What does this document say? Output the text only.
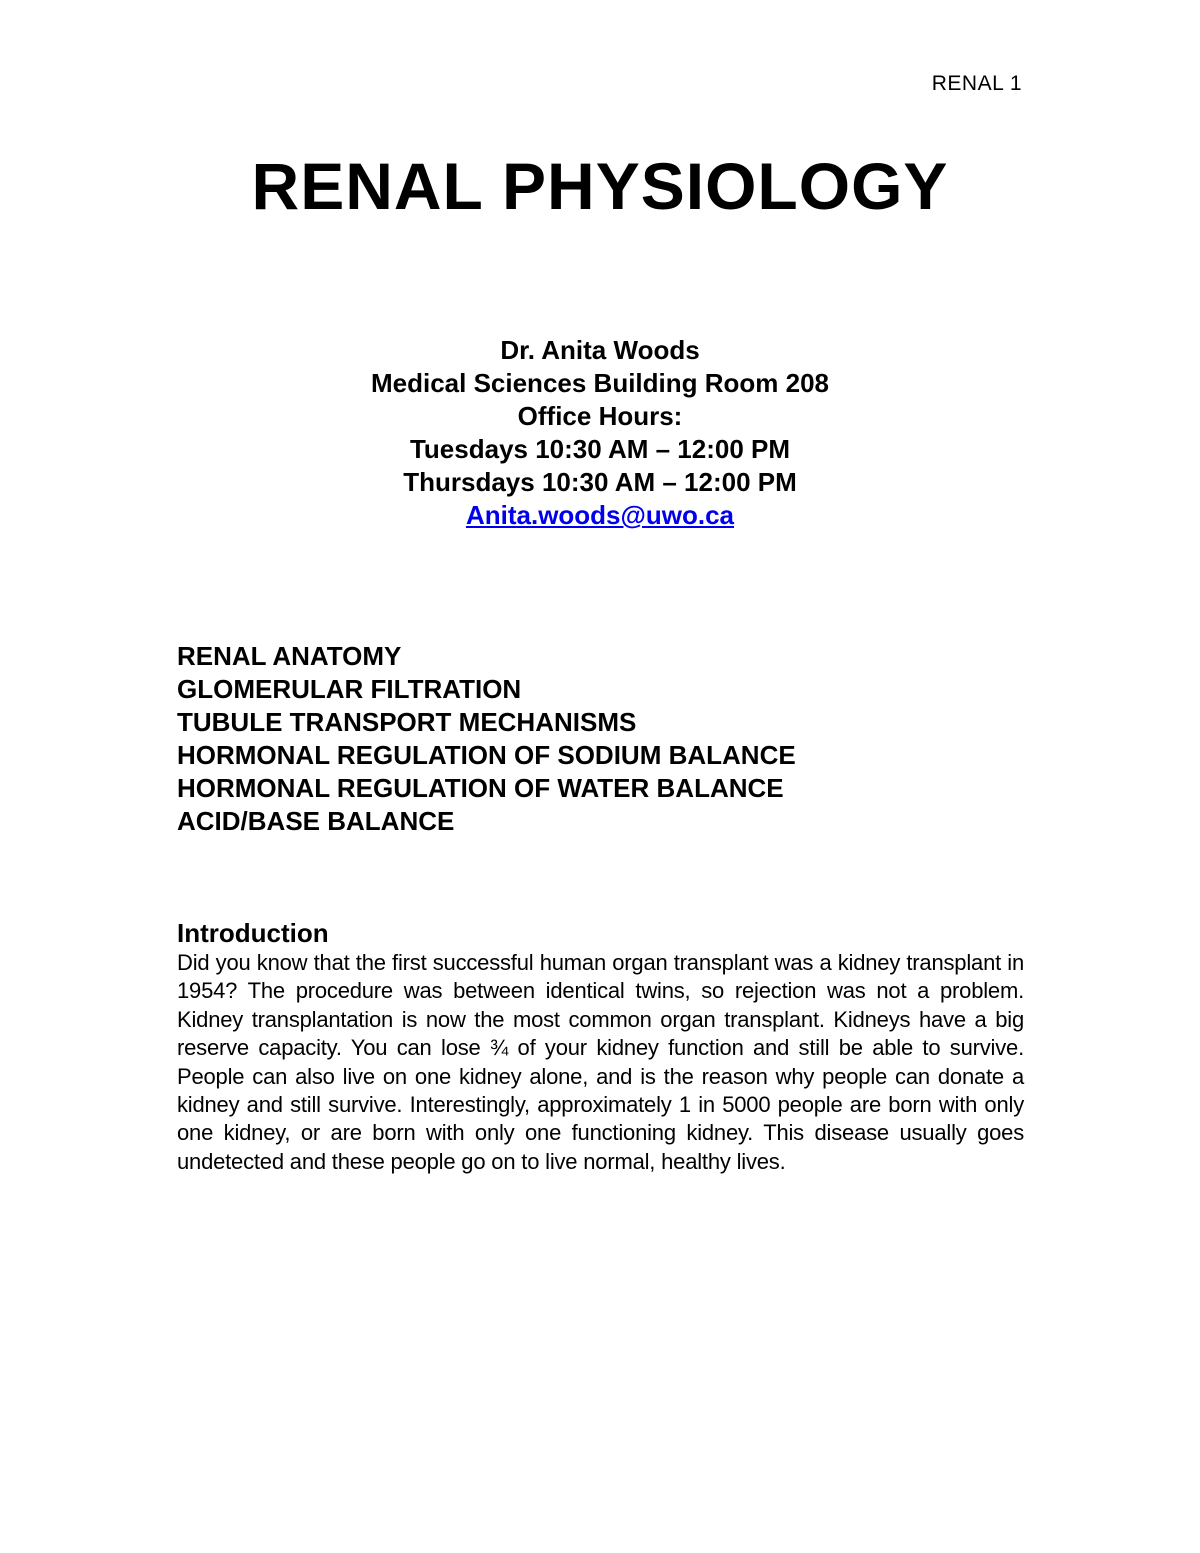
RENAL 1
RENAL PHYSIOLOGY
Dr. Anita Woods
Medical Sciences Building Room 208
Office Hours:
Tuesdays 10:30 AM – 12:00 PM
Thursdays 10:30 AM – 12:00 PM
Anita.woods@uwo.ca
RENAL ANATOMY
GLOMERULAR FILTRATION
TUBULE TRANSPORT MECHANISMS
HORMONAL REGULATION OF SODIUM BALANCE
HORMONAL REGULATION OF WATER BALANCE
ACID/BASE BALANCE
Introduction

Did you know that the first successful human organ transplant was a kidney transplant in 1954? The procedure was between identical twins, so rejection was not a problem. Kidney transplantation is now the most common organ transplant. Kidneys have a big reserve capacity. You can lose ¾ of your kidney function and still be able to survive. People can also live on one kidney alone, and is the reason why people can donate a kidney and still survive. Interestingly, approximately 1 in 5000 people are born with only one kidney, or are born with only one functioning kidney. This disease usually goes undetected and these people go on to live normal, healthy lives.
